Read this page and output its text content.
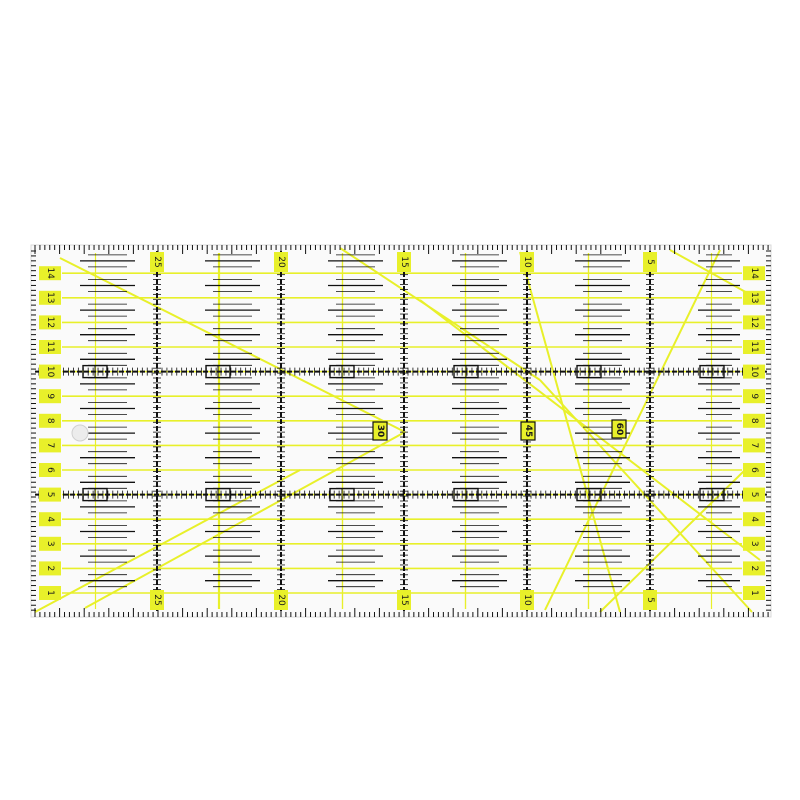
25
25
20
20
15
15
10
10
5
5
14	14
13	13
12	12
11	11
10	10
9	9
8	8
7	7
6	6
5	5
4	4
3	3
2	2
1	1
30	45	60
